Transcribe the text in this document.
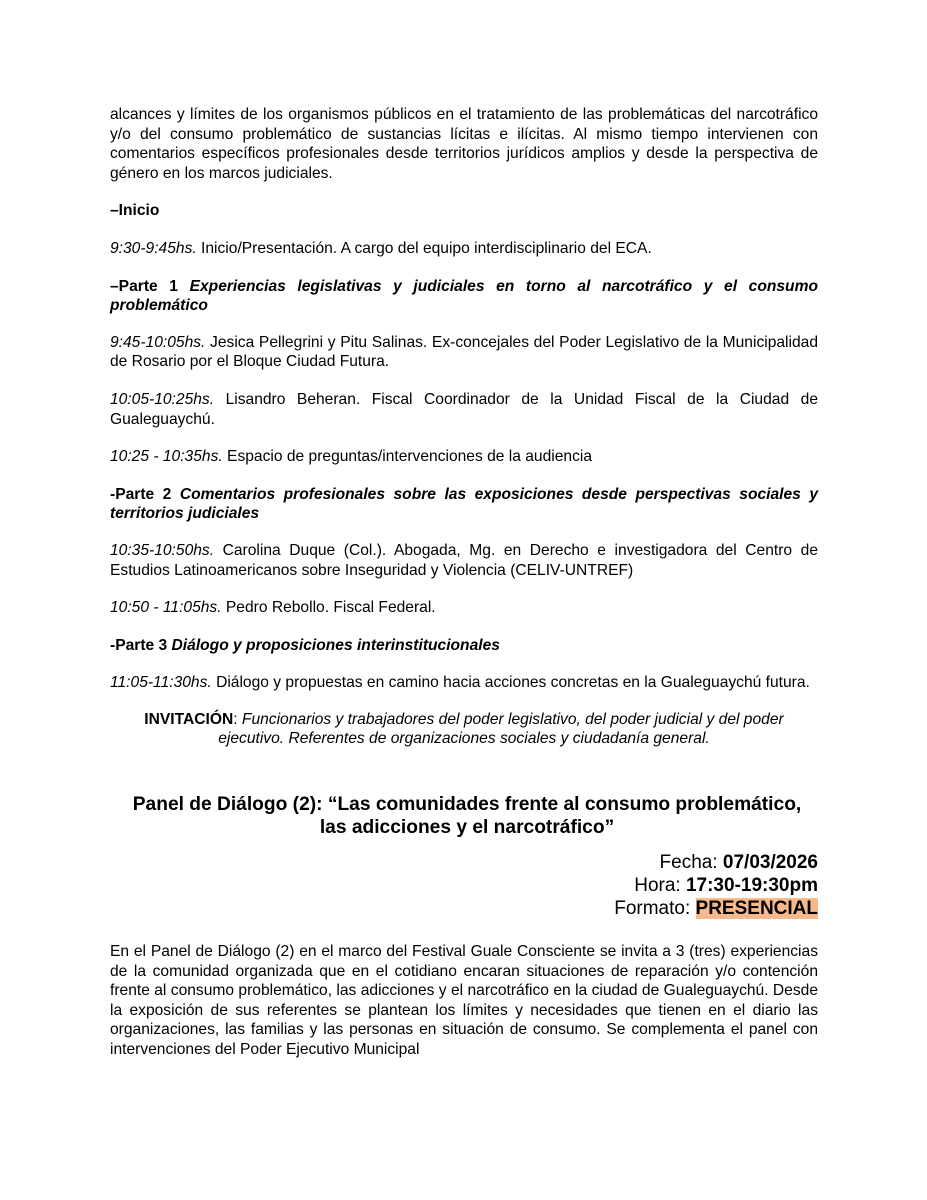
alcances y límites de los organismos públicos en el tratamiento de las problemáticas del narcotráfico y/o del consumo problemático de sustancias lícitas e ilícitas. Al mismo tiempo intervienen con comentarios específicos profesionales desde territorios jurídicos amplios y desde la perspectiva de género en los marcos judiciales.

–Inicio

9:30-9:45hs. Inicio/Presentación. A cargo del equipo interdisciplinario del ECA.

–Parte 1 Experiencias legislativas y judiciales en torno al narcotráfico y el consumo problemático

9:45-10:05hs. Jesica Pellegrini y Pitu Salinas. Ex-concejales del Poder Legislativo de la Municipalidad de Rosario por el Bloque Ciudad Futura.

10:05-10:25hs. Lisandro Beheran. Fiscal Coordinador de la Unidad Fiscal de la Ciudad de Gualeguaychú.

10:25 - 10:35hs. Espacio de preguntas/intervenciones de la audiencia

-Parte 2 Comentarios profesionales sobre las exposiciones desde perspectivas sociales y territorios judiciales

10:35-10:50hs. Carolina Duque (Col.). Abogada, Mg. en Derecho e investigadora del Centro de Estudios Latinoamericanos sobre Inseguridad y Violencia (CELIV-UNTREF)

10:50 - 11:05hs. Pedro Rebollo. Fiscal Federal.

-Parte 3 Diálogo y proposiciones interinstitucionales

11:05-11:30hs. Diálogo y propuestas en camino hacia acciones concretas en la Gualeguaychú futura.

INVITACIÓN: Funcionarios y trabajadores del poder legislativo, del poder judicial y del poder

ejecutivo. Referentes de organizaciones sociales y ciudadanía general.

Panel de Diálogo (2): “Las comunidades frente al consumo problemático,
las adicciones y el narcotráfico”
Fecha: 07/03/2026
Hora: 17:30-19:30pm
Formato: PRESENCIAL

En el Panel de Diálogo (2) en el marco del Festival Guale Consciente se invita a 3 (tres) experiencias de la comunidad organizada que en el cotidiano encaran situaciones de reparación y/o contención frente al consumo problemático, las adicciones y el narcotráfico en la ciudad de Gualeguaychú. Desde la exposición de sus referentes se plantean los límites y necesidades que tienen en el diario las organizaciones, las familias y las personas en situación de consumo. Se complementa el panel con intervenciones del Poder Ejecutivo Municipal
